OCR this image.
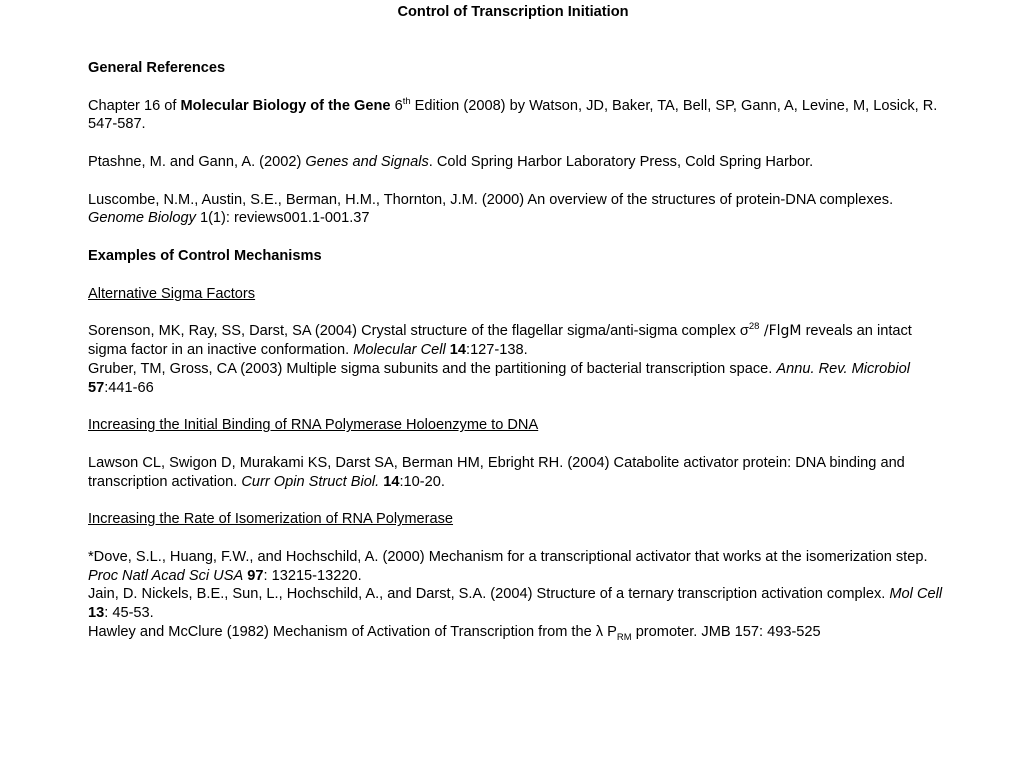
Control of Transcription Initiation

General References

Chapter 16 of Molecular Biology of the Gene 6th Edition (2008) by Watson, JD, Baker, TA, Bell, SP, Gann, A, Levine, M, Losick, R. 547-587.

Ptashne, M. and Gann, A. (2002) Genes and Signals. Cold Spring Harbor Laboratory Press, Cold Spring Harbor.

Luscombe, N.M., Austin, S.E., Berman, H.M., Thornton, J.M. (2000) An overview of the structures of protein-DNA complexes. Genome Biology 1(1): reviews001.1-001.37

Examples of Control Mechanisms

Alternative Sigma Factors

Sorenson, MK, Ray, SS, Darst, SA (2004) Crystal structure of the flagellar sigma/anti-sigma complex $\sigma^{28}$ /FlgM reveals an intact sigma factor in an inactive conformation. Molecular Cell 14:127-138.
Gruber, TM, Gross, CA (2003) Multiple sigma subunits and the partitioning of bacterial transcription space. Annu. Rev. Microbiol 57:441-66

Increasing the Initial Binding of RNA Polymerase Holoenzyme to DNA

Lawson CL, Swigon D, Murakami KS, Darst SA, Berman HM, Ebright RH. (2004) Catabolite activator protein: DNA binding and transcription activation. Curr Opin Struct Biol. 14:10-20.

Increasing the Rate of Isomerization of RNA Polymerase

*Dove, S.L., Huang, F.W., and Hochschild, A. (2000) Mechanism for a transcriptional activator that works at the isomerization step. Proc Natl Acad Sci USA 97: 13215-13220.
Jain, D. Nickels, B.E., Sun, L., Hochschild, A., and Darst, S.A. (2004) Structure of a ternary transcription activation complex. Mol Cell 13: 45-53.
Hawley and McClure (1982) Mechanism of Activation of Transcription from the λ $P_{RM}$ promoter. JMB 157: 493-525
